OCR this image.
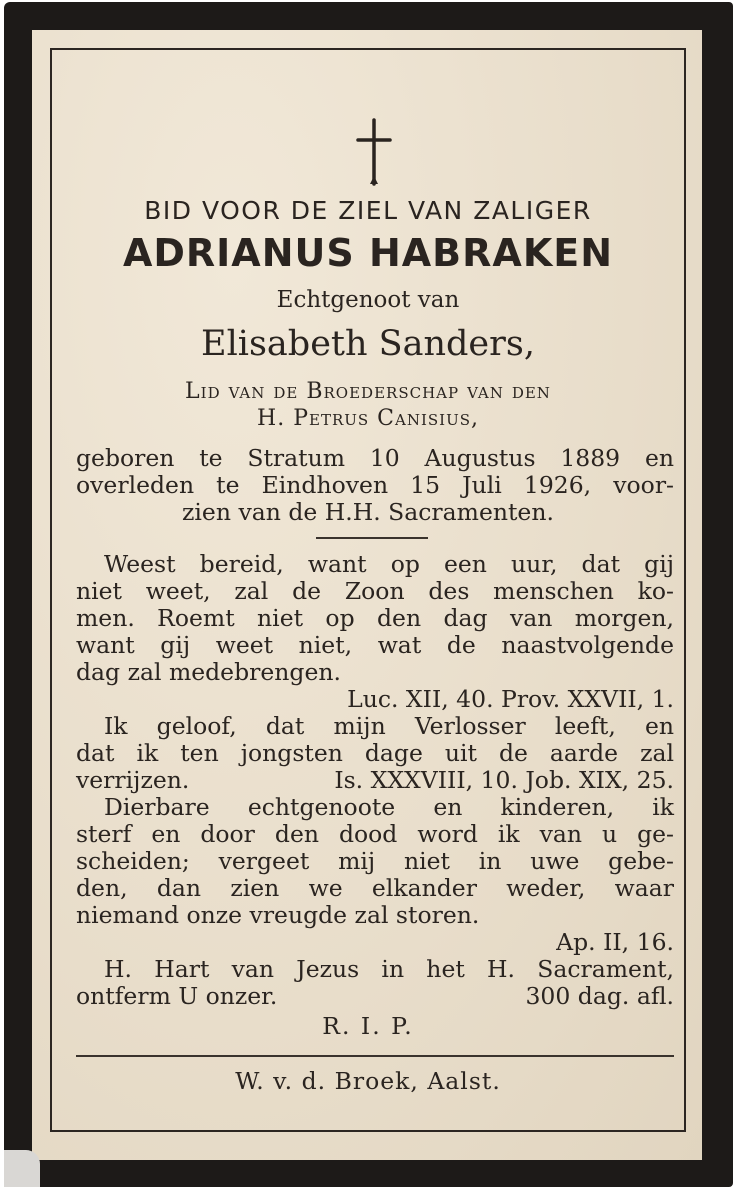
BID VOOR DE ZIEL VAN ZALIGER
ADRIANUS HABRAKEN
Echtgenoot van
Elisabeth Sanders,
Lid van de Broederschap van den
H. Petrus Canisius,
geboren te Stratum 10 Augustus 1889 en
overleden te Eindhoven 15 Juli 1926, voor-
zien van de H.H. Sacramenten.
Weest bereid, want op een uur, dat gij
niet weet, zal de Zoon des menschen ko-
men. Roemt niet op den dag van morgen,
want gij weet niet, wat de naastvolgende
dag zal medebrengen.
Luc. XII, 40. Prov. XXVII, 1.
Ik geloof, dat mijn Verlosser leeft, en
dat ik ten jongsten dage uit de aarde zal
verrijzen.	Is. XXXVIII, 10. Job. XIX, 25.
Dierbare echtgenoote en kinderen, ik
sterf en door den dood word ik van u ge-
scheiden; vergeet mij niet in uwe gebe-
den, dan zien we elkander weder, waar
niemand onze vreugde zal storen.
Ap. II, 16.
H. Hart van Jezus in het H. Sacrament,
ontferm U onzer.	300 dag. afl.
R. I. P.
W. v. d. Broek, Aalst.
